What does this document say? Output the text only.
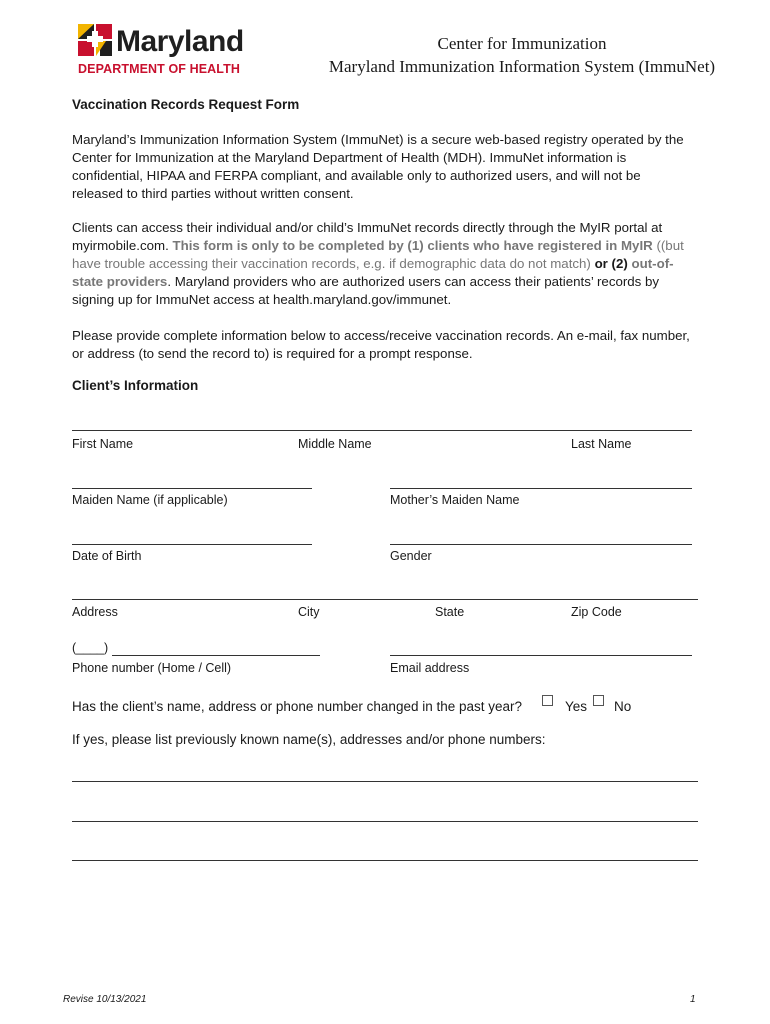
Maryland
DEPARTMENT OF HEALTH
Center for Immunization
Maryland Immunization Information System (ImmuNet)
Vaccination Records Request Form
Maryland’s Immunization Information System (ImmuNet) is a secure web-based registry operated by the Center for Immunization at the Maryland Department of Health (MDH). ImmuNet information is confidential, HIPAA and FERPA compliant, and available only to authorized users, and will not be released to third parties without written consent.
Clients can access their individual and/or child’s ImmuNet records directly through the MyIR portal at myirmobile.com. This form is only to be completed by (1) clients who have registered in MyIR ((but have trouble accessing their vaccination records, e.g. if demographic data do not match) or (2) out-of-state providers. Maryland providers who are authorized users can access their patients’ records by signing up for ImmuNet access at health.maryland.gov/immunet.
Please provide complete information below to access/receive vaccination records. An e-mail, fax number, or address (to send the record to) is required for a prompt response.
Client’s Information
First Name	Middle Name	Last Name
Maiden Name (if applicable)	Mother’s Maiden Name
Date of Birth	Gender
Address	City	State	Zip Code
(____)
Phone number (Home / Cell)	Email address
Has the client’s name, address or phone number changed in the past year?	Yes No
If yes, please list previously known name(s), addresses and/or phone numbers:
Revise 10/13/2021	1
